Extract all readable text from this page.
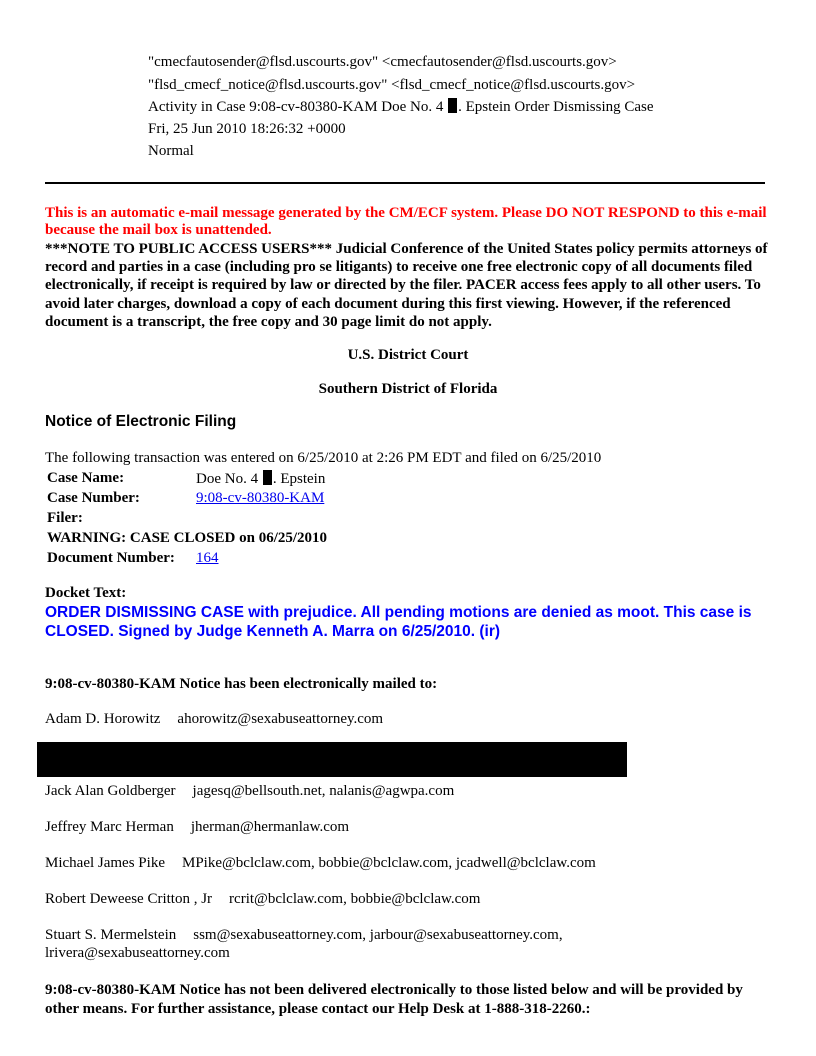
"cmecfautosender@flsd.uscourts.gov" <cmecfautosender@flsd.uscourts.gov>
"flsd_cmecf_notice@flsd.uscourts.gov" <flsd_cmecf_notice@flsd.uscourts.gov>
Activity in Case 9:08-cv-80380-KAM Doe No. 4 . Epstein Order Dismissing Case
Fri, 25 Jun 2010 18:26:32 +0000
Normal
This is an automatic e-mail message generated by the CM/ECF system. Please DO NOT RESPOND to this e-mail because the mail box is unattended.
***NOTE TO PUBLIC ACCESS USERS*** Judicial Conference of the United States policy permits attorneys of record and parties in a case (including pro se litigants) to receive one free electronic copy of all documents filed electronically, if receipt is required by law or directed by the filer. PACER access fees apply to all other users. To avoid later charges, download a copy of each document during this first viewing. However, if the referenced document is a transcript, the free copy and 30 page limit do not apply.
U.S. District Court
Southern District of Florida
Notice of Electronic Filing
The following transaction was entered on 6/25/2010 at 2:26 PM EDT and filed on 6/25/2010
Case Name:	Doe No. 4 . Epstein
Case Number:	9:08-cv-80380-KAM
Filer:
WARNING: CASE CLOSED on 06/25/2010
Document Number: 164
Docket Text:
ORDER DISMISSING CASE with prejudice. All pending motions are denied as moot. This case is CLOSED. Signed by Judge Kenneth A. Marra on 6/25/2010. (ir)
9:08-cv-80380-KAM Notice has been electronically mailed to:
Adam D. Horowitz ahorowitz@sexabuseattorney.com
Jack Alan Goldberger jagesq@bellsouth.net, nalanis@agwpa.com
Jeffrey Marc Herman jherman@hermanlaw.com
Michael James Pike MPike@bclclaw.com, bobbie@bclclaw.com, jcadwell@bclclaw.com
Robert Deweese Critton , Jr rcrit@bclclaw.com, bobbie@bclclaw.com
Stuart S. Mermelstein ssm@sexabuseattorney.com, jarbour@sexabuseattorney.com,
lrivera@sexabuseattorney.com
9:08-cv-80380-KAM Notice has not been delivered electronically to those listed below and will be provided by other means. For further assistance, please contact our Help Desk at 1-888-318-2260.:
